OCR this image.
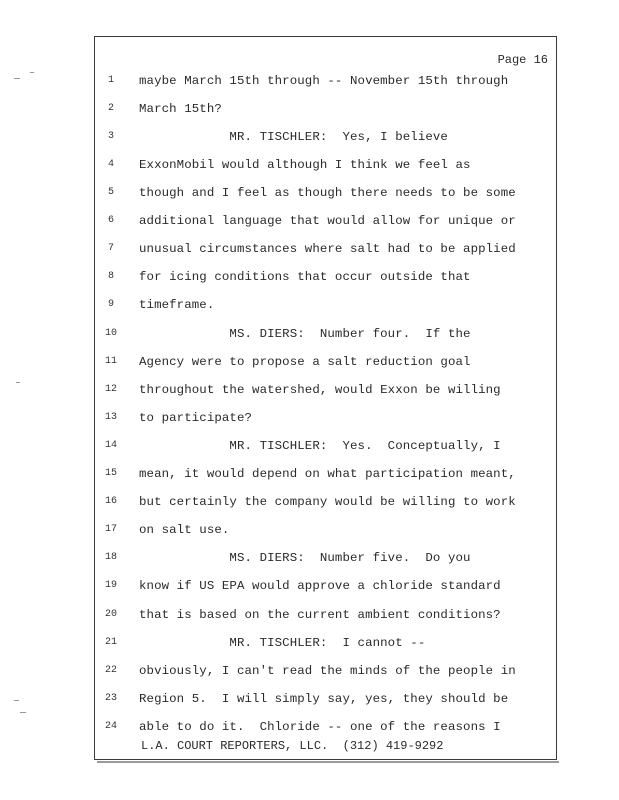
Page 16
1	maybe March 15th through -- November 15th through
2	March 15th?
3	MR. TISCHLER:  Yes, I believe
4	ExxonMobil would although I think we feel as
5	though and I feel as though there needs to be some
6	additional language that would allow for unique or
7	unusual circumstances where salt had to be applied
8	for icing conditions that occur outside that
9	timeframe.
10	MS. DIERS:  Number four.  If the
11	Agency were to propose a salt reduction goal
12	throughout the watershed, would Exxon be willing
13	to participate?
14	MR. TISCHLER:  Yes.  Conceptually, I
15	mean, it would depend on what participation meant,
16	but certainly the company would be willing to work
17	on salt use.
18	MS. DIERS:  Number five.  Do you
19	know if US EPA would approve a chloride standard
20	that is based on the current ambient conditions?
21	MR. TISCHLER:  I cannot --
22	obviously, I can't read the minds of the people in
23	Region 5.  I will simply say, yes, they should be
24	able to do it.  Chloride -- one of the reasons I
L.A. COURT REPORTERS, LLC.  (312) 419-9292
